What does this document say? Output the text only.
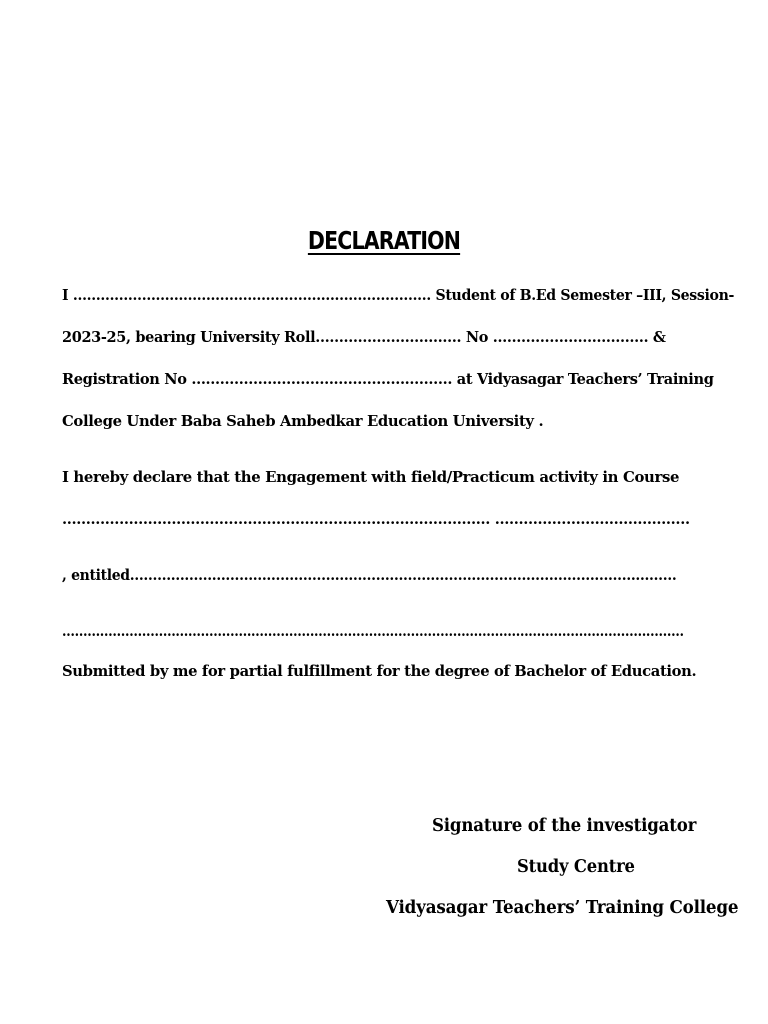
DECLARATION
I …………………………………………………………………… Student of B.Ed Semester –III, Session-
2023-25, bearing University Roll…………………………. No …………………………… &
Registration No ………………………………………………. at Vidyasagar Teachers’ Training
College Under Baba Saheb Ambedkar Education University .
I hereby declare that the Engagement with field/Practicum activity in Course
……………………………………………………………………………… …………………………………..
, entitled…………………………………………………………………………………………………………
……………………………………………………………………………………………………………….…………………
Submitted by me for partial fulfillment for the degree of Bachelor of Education.
Signature of the investigator
Study Centre
Vidyasagar Teachers’ Training College
